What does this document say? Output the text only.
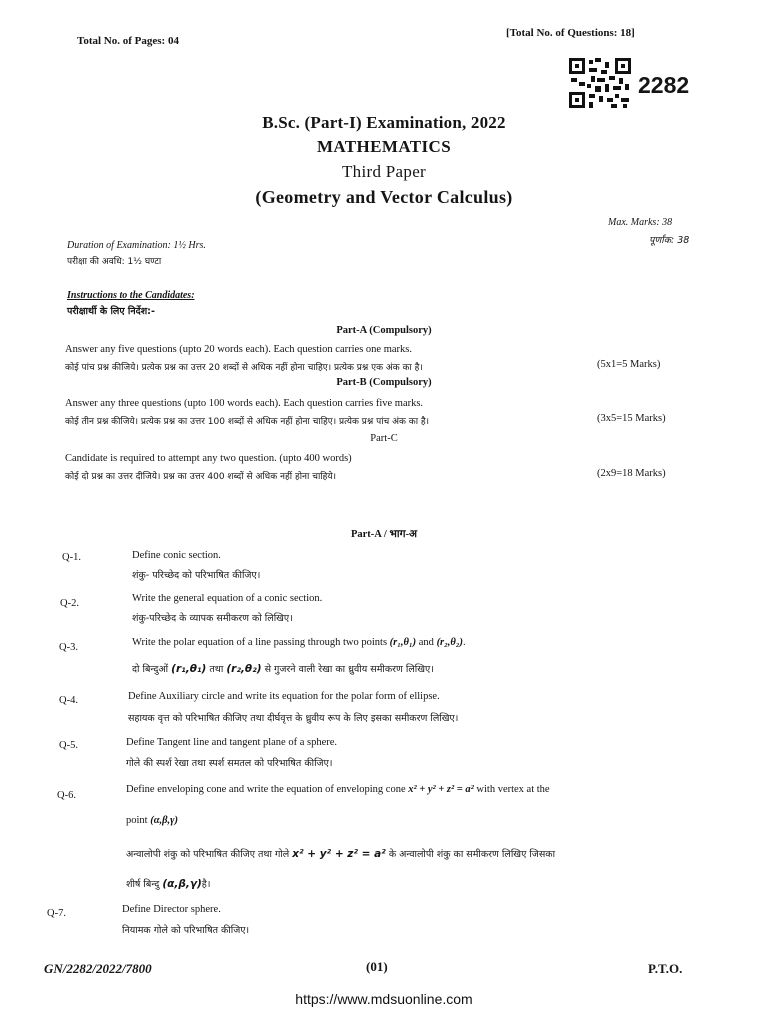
Total No. of Pages: 04
[Total No. of Questions: 18]
2282
B.Sc. (Part-I) Examination, 2022
MATHEMATICS
Third Paper
(Geometry and Vector Calculus)
Max. Marks: 38
पूर्णांक: 38
Duration of Examination: 1½ Hrs.
परीक्षा की अवधि: 1½ घण्टा
Instructions to the Candidates:
परीक्षार्थी के लिए निर्देश:-
Part-A (Compulsory)
Answer any five questions (upto 20 words each). Each question carries one marks.
कोई पांच प्रश्न कीजिये। प्रत्येक प्रश्न का उत्तर 20 शब्दों से अधिक नहीं होना चाहिए। प्रत्येक प्रश्न एक अंक का है।	(5x1=5 Marks)
Part-B (Compulsory)
Answer any three questions (upto 100 words each). Each question carries five marks.
कोई तीन प्रश्न कीजिये। प्रत्येक प्रश्न का उत्तर 100 शब्दों से अधिक नहीं होना चाहिए। प्रत्येक प्रश्न पांच अंक का है।	(3x5=15 Marks)
Part-C
Candidate is required to attempt any two question. (upto 400 words)
कोई दो प्रश्न का उत्तर दीजिये। प्रश्न का उत्तर 400 शब्दों से अधिक नहीं होना चाहिये।	(2x9=18 Marks)
Part-A / भाग-अ
Q-1.	Define conic section.
शंकु- परिच्छेद को परिभाषित कीजिए।
Q-2.	Write the general equation of a conic section.
शंकु-परिच्छेद के व्यापक समीकरण को लिखिए।
Q-3.	Write the polar equation of a line passing through two points (r₁,θ₁) and (r₂,θ₂).
दो बिन्दुओं (r₁,θ₁) तथा (r₂,θ₂) से गुजरने वाली रेखा का ध्रुवीय समीकरण लिखिए।
Q-4.	Define Auxiliary circle and write its equation for the polar form of ellipse.
सहायक वृत्त को परिभाषित कीजिए तथा दीर्घवृत्त के ध्रुवीय रूप के लिए इसका समीकरण लिखिए।
Q-5.	Define Tangent line and tangent plane of a sphere.
गोले की स्पर्श रेखा तथा स्पर्श समतल को परिभाषित कीजिए।
Q-6.
Define enveloping cone and write the equation of enveloping cone x² + y² + z² = a² with vertex at the
point (α,β,γ)
अन्वालोपी शंकु को परिभाषित कीजिए तथा गोले x² + y² + z² = a² के अन्वालोपी शंकु का समीकरण लिखिए जिसका
शीर्ष बिन्दु (α,β,γ)है।
Q-7.	Define Director sphere.
नियामक गोले को परिभाषित कीजिए।
GN/2282/2022/7800	(01)	P.T.O.
https://www.mdsuonline.com
